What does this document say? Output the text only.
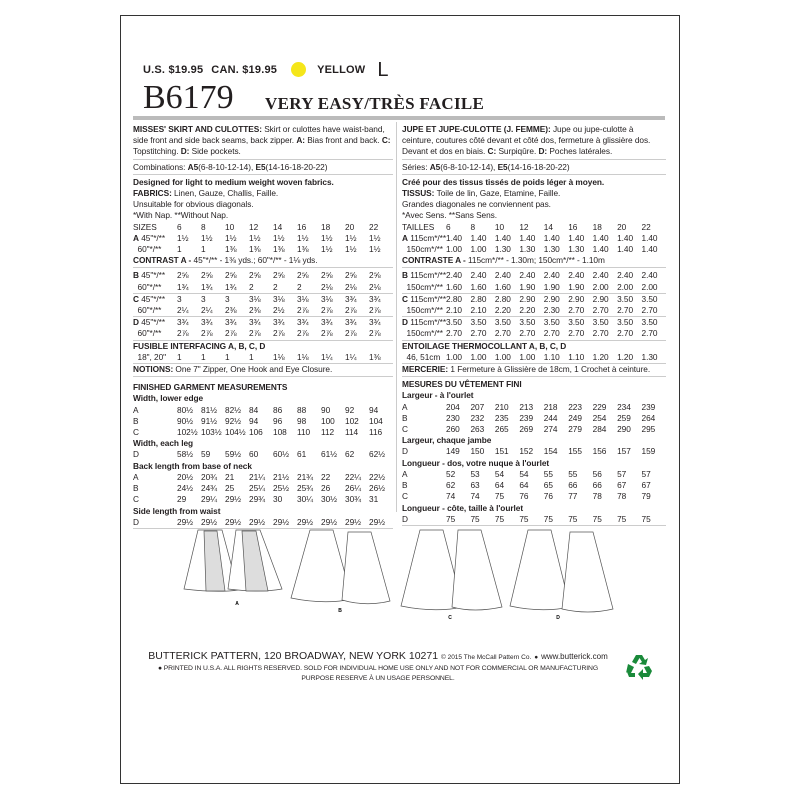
U.S. $19.95 CAN. $19.95	YELLOW L
B6179 VERY EASY/TRÈS FACILE
MISSES' SKIRT AND CULOTTES: Skirt or culottes have waist-band, side front and side back seams, back zipper. A: Bias front and back. C: Topstitching. D: Side pockets.
Combinations: A5(6-8-10-12-14), E5(14-16-18-20-22)
Designed for light to medium weight woven fabrics.
FABRICS: Linen, Gauze, Challis, Faille.
Unsuitable for obvious diagonals.
*With Nap. **Without Nap.
SIZES	6	8	10	12	14	16	18	20	22
A 45"*/**	1½	1½	1½	1½	1½	1½	1½	1½	1½
60"*/**	1	1	1⅜	1⅜	1⅜	1⅜	1½	1½	1½
CONTRAST A - 45"*/** - 1⅜ yds.; 60"*/** - 1⅛ yds.
B 45"*/**	2⅝	2⅝	2⅝	2⅝	2⅝	2⅝	2⅝	2⅝	2⅝
60"*/**	1¾	1¾	1¾	2	2	2	2⅛	2⅛	2⅛
C 45"*/**	3	3	3	3⅛	3⅛	3⅛	3⅛	3¾	3¾
60"*/**	2¼	2¼	2⅜	2⅜	2½	2⅞	2⅞	2⅞	2⅞
D 45"*/**	3¾	3¾	3¾	3¾	3¾	3¾	3¾	3¾	3¾
60"*/**	2⅞	2⅞	2⅞	2⅞	2⅞	2⅞	2⅞	2⅞	2⅞
FUSIBLE INTERFACING A, B, C, D
18", 20"	1	1	1	1	1⅛	1⅛	1¼	1¼	1⅜
NOTIONS: One 7" Zipper, One Hook and Eye Closure.
FINISHED GARMENT MEASUREMENTS
Width, lower edge
A	80½ 81½ 82½ 84	86	88	90	92	94
B	90½ 91½ 92½ 94	96	98	100	102	104
C	102½ 103½ 104½ 106	108	110	112	114	116
Width, each leg
D	58½ 59	59½ 60	60½ 61	61½ 62	62½
Back length from base of neck
A	20½ 20¾ 21	21¼ 21½ 21¾ 22	22¼ 22½
B	24½ 24¾ 25	25¼ 25½ 25¾ 26	26¼ 26½
C	29	29¼ 29½ 29¾ 30	30¼ 30½ 30¾ 31
Side length from waist
D	29½ 29½ 29½ 29½ 29½ 29½ 29½ 29½ 29½
JUPE ET JUPE-CULOTTE (J. FEMME): Jupe ou jupe-culotte à ceinture, coutures côté devant et côté dos, fermeture à glissière dos. Devant et dos en biais. C: Surpiqûre. D: Poches latérales.
Séries: A5(6-8-10-12-14), E5(14-16-18-20-22)
Créé pour des tissus tissés de poids léger à moyen.
TISSUS: Toile de lin, Gaze, Etamine, Faille.
Grandes diagonales ne conviennent pas.
*Avec Sens. **Sans Sens.
TAILLES	6	8	10	12	14	16	18	20	22
A 115cm*/** 1.40	1.40	1.40	1.40	1.40	1.40	1.40	1.40	1.40
150cm*/** 1.00	1.00	1.30	1.30	1.30	1.30	1.40	1.40	1.40
CONTRASTE A - 115cm*/** - 1.30m; 150cm*/** - 1.10m
B 115cm*/** 2.40	2.40	2.40	2.40	2.40	2.40	2.40	2.40	2.40
150cm*/** 1.60	1.60	1.60	1.90	1.90	1.90	2.00	2.00	2.00
C 115cm*/** 2.80	2.80	2.80	2.90	2.90	2.90	2.90	3.50	3.50
150cm*/** 2.10	2.10	2.20	2.20	2.30	2.70	2.70	2.70	2.70
D 115cm*/** 3.50	3.50	3.50	3.50	3.50	3.50	3.50	3.50	3.50
150cm*/** 2.70	2.70	2.70	2.70	2.70	2.70	2.70	2.70	2.70
ENTOILAGE THERMOCOLLANT A, B, C, D
46, 51cm 1.00	1.00	1.00	1.00	1.10	1.10	1.20	1.20	1.30
MERCERIE: 1 Fermeture à Glissière de 18cm, 1 Crochet à ceinture.
MESURES DU VÊTEMENT FINI
Largeur - à l'ourlet
A	204	207	210	213	218	223	229	234	239
B	230	232	235	239	244	249	254	259	264
C	260	263	265	269	274	279	284	290	295
Largeur, chaque jambe
D	149	150	151	152	154	155	156	157	159
Longueur - dos, votre nuque à l'ourlet
A	52	53	54	54	55	55	56	57	57
B	62	63	64	64	65	66	66	67	67
C	74	74	75	76	76	77	78	78	79
Longueur - côte, taille à l'ourlet
D	75	75	75	75	75	75	75	75	75
A
B
C	D
BUTTERICK PATTERN, 120 BROADWAY, NEW YORK 10271 © 2015 The McCall Pattern Co. ● www.butterick.com
● PRINTED IN U.S.A. ALL RIGHTS RESERVED. SOLD FOR INDIVIDUAL HOME USE ONLY AND NOT FOR COMMERCIAL OR MANUFACTURING
PURPOSE RESERVE À UN USAGE PERSONNEL.
